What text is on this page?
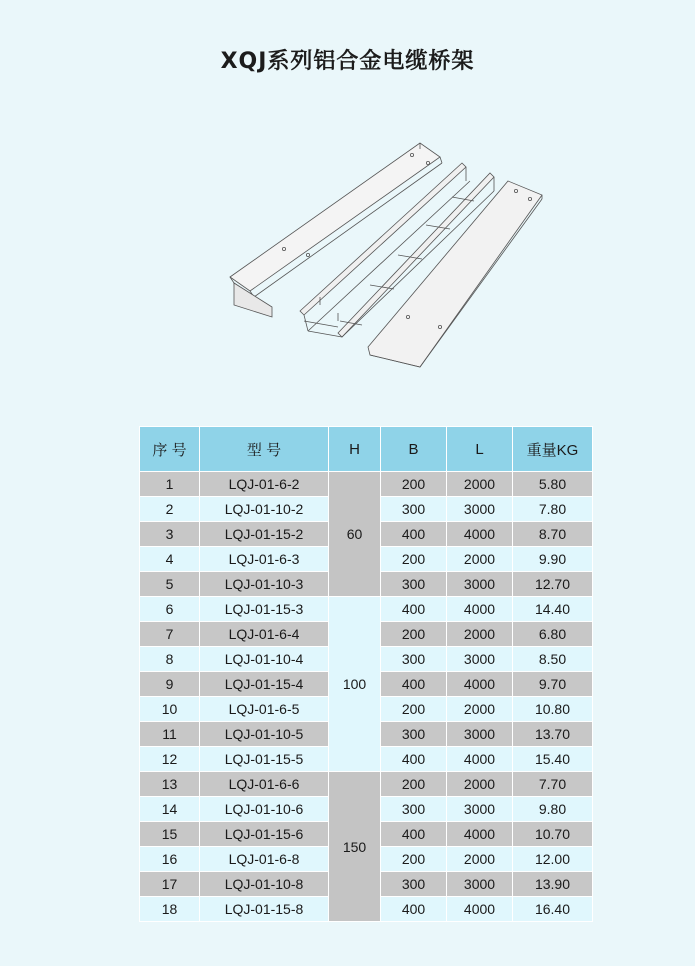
XQJ系列铝合金电缆桥架
序 号	型 号	H	B	L	重量KG
1	LQJ-01-6-2	60	200	2000	5.80
2	LQJ-01-10-2		300	3000	7.80
3	LQJ-01-15-2		400	4000	8.70
4	LQJ-01-6-3		200	2000	9.90
5	LQJ-01-10-3		300	3000	12.70
6	LQJ-01-15-3	100	400	4000	14.40
7	LQJ-01-6-4		200	2000	6.80
8	LQJ-01-10-4		300	3000	8.50
9	LQJ-01-15-4		400	4000	9.70
10	LQJ-01-6-5		200	2000	10.80
11	LQJ-01-10-5		300	3000	13.70
12	LQJ-01-15-5		400	4000	15.40
13	LQJ-01-6-6	150	200	2000	7.70
14	LQJ-01-10-6		300	3000	9.80
15	LQJ-01-15-6		400	4000	10.70
16	LQJ-01-6-8		200	2000	12.00
17	LQJ-01-10-8		300	3000	13.90
18	LQJ-01-15-8		400	4000	16.40
